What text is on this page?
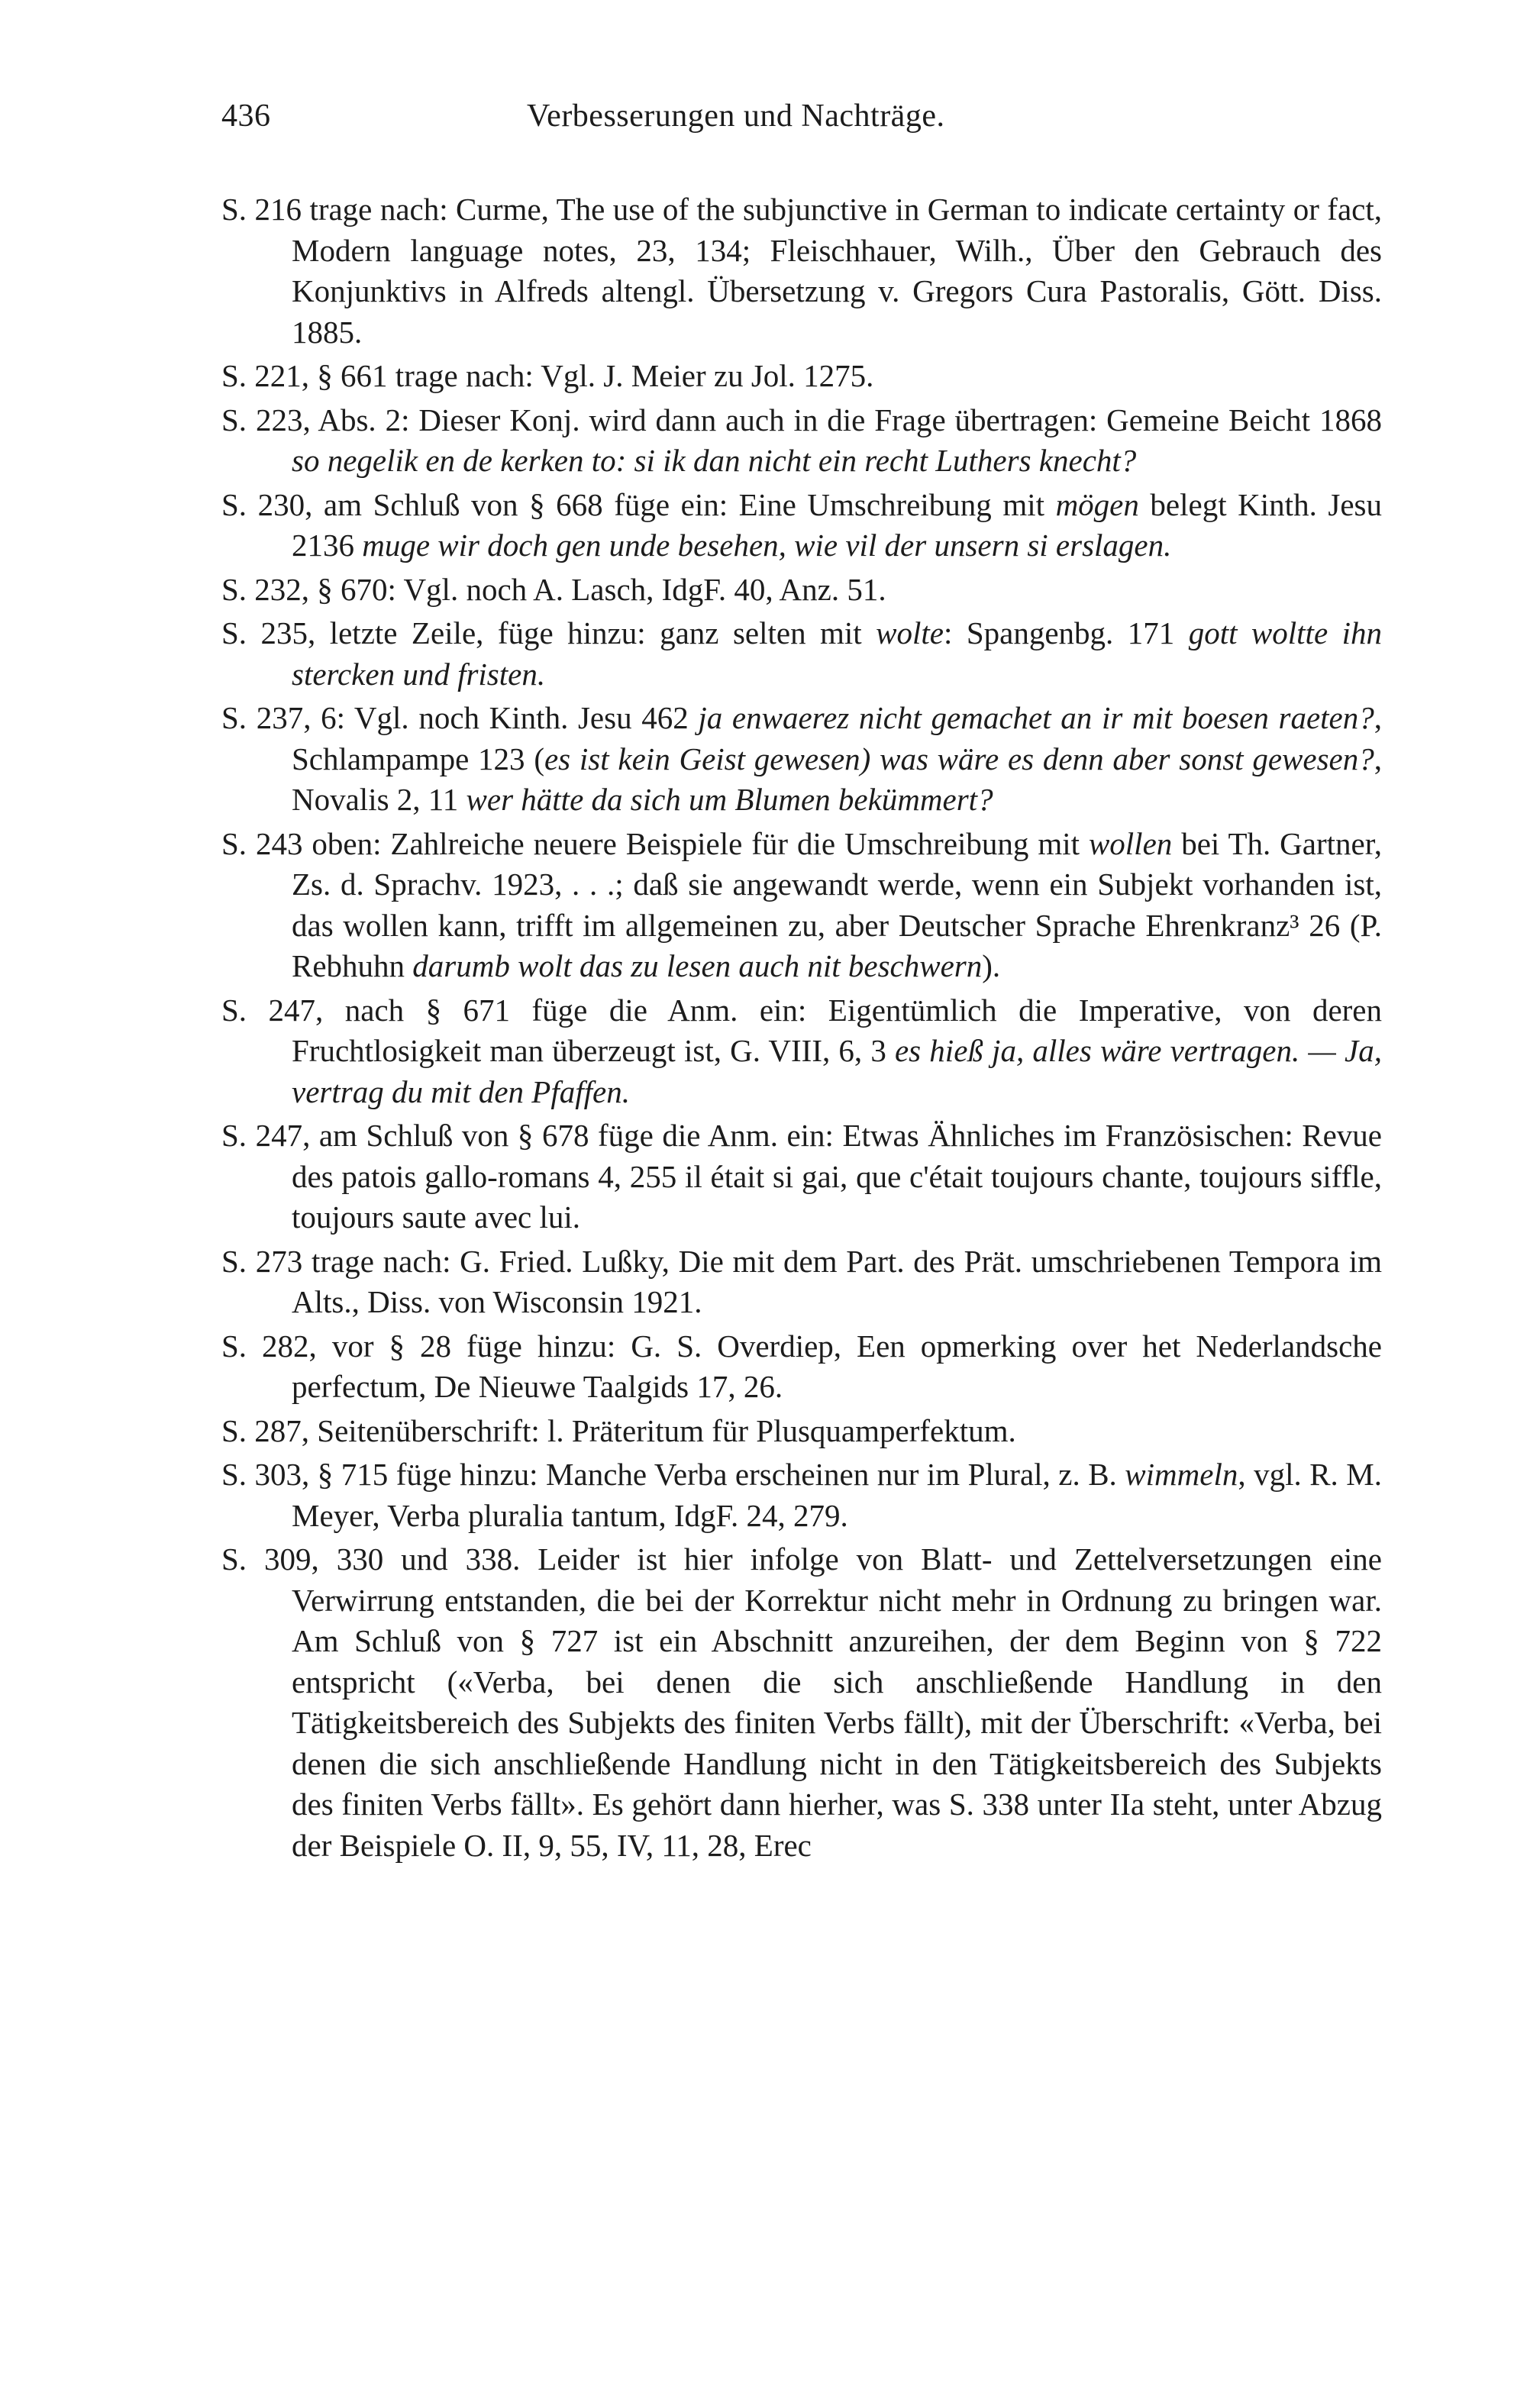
436	Verbesserungen und Nachträge.

S. 216 trage nach: Curme, The use of the subjunctive in German to indicate certainty or fact, Modern language notes, 23, 134; Fleischhauer, Wilh., Über den Gebrauch des Konjunktivs in Alfreds altengl. Übersetzung v. Gregors Cura Pastoralis, Gött. Diss. 1885.

S. 221, § 661 trage nach: Vgl. J. Meier zu Jol. 1275.

S. 223, Abs. 2: Dieser Konj. wird dann auch in die Frage übertragen: Gemeine Beicht 1868 so negelik en de kerken to: si ik dan nicht ein recht Luthers knecht?

S. 230, am Schluß von § 668 füge ein: Eine Umschreibung mit mögen belegt Kinth. Jesu 2136 muge wir doch gen unde besehen, wie vil der unsern si erslagen.

S. 232, § 670: Vgl. noch A. Lasch, IdgF. 40, Anz. 51.

S. 235, letzte Zeile, füge hinzu: ganz selten mit wolte: Spangenbg. 171 gott woltte ihn stercken und fristen.

S. 237, 6: Vgl. noch Kinth. Jesu 462 ja enwaerez nicht gemachet an ir mit boesen raeten?, Schlampampe 123 (es ist kein Geist gewesen) was wäre es denn aber sonst gewesen?, Novalis 2, 11 wer hätte da sich um Blumen bekümmert?

S. 243 oben: Zahlreiche neuere Beispiele für die Umschreibung mit wollen bei Th. Gartner, Zs. d. Sprachv. 1923, . . .; daß sie angewandt werde, wenn ein Subjekt vorhanden ist, das wollen kann, trifft im allgemeinen zu, aber Deutscher Sprache Ehrenkranz³ 26 (P. Rebhuhn darumb wolt das zu lesen auch nit beschwern).

S. 247, nach § 671 füge die Anm. ein: Eigentümlich die Imperative, von deren Fruchtlosigkeit man überzeugt ist, G. VIII, 6, 3 es hieß ja, alles wäre vertragen. — Ja, vertrag du mit den Pfaffen.

S. 247, am Schluß von § 678 füge die Anm. ein: Etwas Ähnliches im Französischen: Revue des patois gallo-romans 4, 255 il était si gai, que c'était toujours chante, toujours siffle, toujours saute avec lui.

S. 273 trage nach: G. Fried. Lußky, Die mit dem Part. des Prät. umschriebenen Tempora im Alts., Diss. von Wisconsin 1921.

S. 282, vor § 28 füge hinzu: G. S. Overdiep, Een opmerking over het Nederlandsche perfectum, De Nieuwe Taalgids 17, 26.

S. 287, Seitenüberschrift: l. Präteritum für Plusquamperfektum.

S. 303, § 715 füge hinzu: Manche Verba erscheinen nur im Plural, z. B. wimmeln, vgl. R. M. Meyer, Verba pluralia tantum, IdgF. 24, 279.

S. 309, 330 und 338. Leider ist hier infolge von Blatt- und Zettelversetzungen eine Verwirrung entstanden, die bei der Korrektur nicht mehr in Ordnung zu bringen war. Am Schluß von § 727 ist ein Abschnitt anzureihen, der dem Beginn von § 722 entspricht («Verba, bei denen die sich anschließende Handlung in den Tätigkeitsbereich des Subjekts des finiten Verbs fällt), mit der Überschrift: «Verba, bei denen die sich anschließende Handlung nicht in den Tätigkeitsbereich des Subjekts des finiten Verbs fällt». Es gehört dann hierher, was S. 338 unter IIa steht, unter Abzug der Beispiele O. II, 9, 55, IV, 11, 28, Erec
